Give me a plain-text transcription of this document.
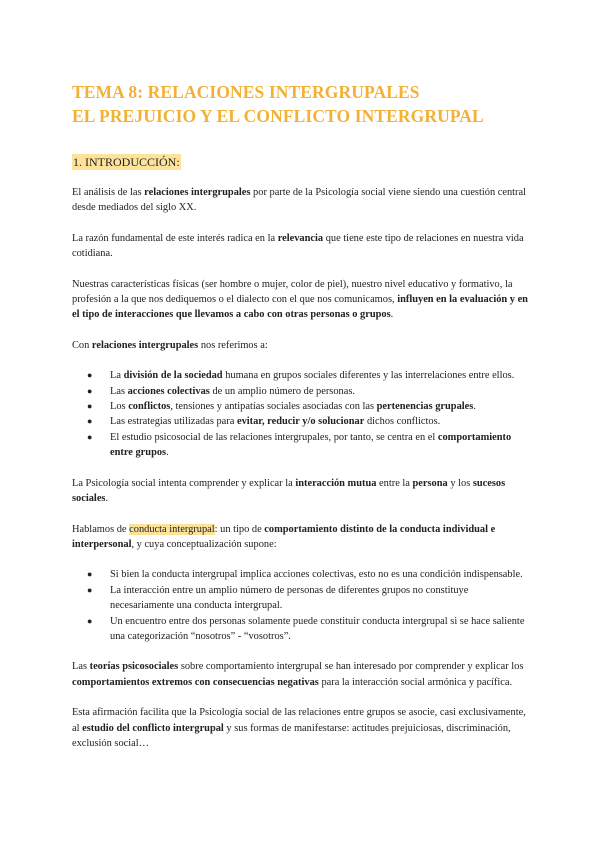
TEMA 8: RELACIONES INTERGRUPALES
EL PREJUICIO Y EL CONFLICTO INTERGRUPAL
1. INTRODUCCIÓN:

El análisis de las relaciones intergrupales por parte de la Psicología social viene siendo una cuestión central desde mediados del siglo XX.

La razón fundamental de este interés radica en la relevancia que tiene este tipo de relaciones en nuestra vida cotidiana.

Nuestras características físicas (ser hombre o mujer, color de piel), nuestro nivel educativo y formativo, la profesión a la que nos dediquemos o el dialecto con el que nos comunicamos, influyen en la evaluación y en el tipo de interacciones que llevamos a cabo con otras personas o grupos.

Con relaciones intergrupales nos referimos a:

● La división de la sociedad humana en grupos sociales diferentes y las interrelaciones entre ellos.
● Las acciones colectivas de un amplio número de personas.
● Los conflictos, tensiones y antipatías sociales asociadas con las pertenencias grupales.
● Las estrategias utilizadas para evitar, reducir y/o solucionar dichos conflictos.
● El estudio psicosocial de las relaciones intergrupales, por tanto, se centra en el comportamiento entre grupos.

La Psicología social intenta comprender y explicar la interacción mutua entre la persona y los sucesos sociales.

Hablamos de conducta intergrupal: un tipo de comportamiento distinto de la conducta individual e interpersonal, y cuya conceptualización supone:

● Si bien la conducta intergrupal implica acciones colectivas, esto no es una condición indispensable.
● La interacción entre un amplio número de personas de diferentes grupos no constituye necesariamente una conducta intergrupal.
● Un encuentro entre dos personas solamente puede constituir conducta intergrupal si se hace saliente una categorización “nosotros” - “vosotros”.

Las teorías psicosociales sobre comportamiento intergrupal se han interesado por comprender y explicar los comportamientos extremos con consecuencias negativas para la interacción social armónica y pacífica.

Esta afirmación facilita que la Psicología social de las relaciones entre grupos se asocie, casi exclusivamente, al estudio del conflicto intergrupal y sus formas de manifestarse: actitudes prejuiciosas, discriminación, exclusión social…
